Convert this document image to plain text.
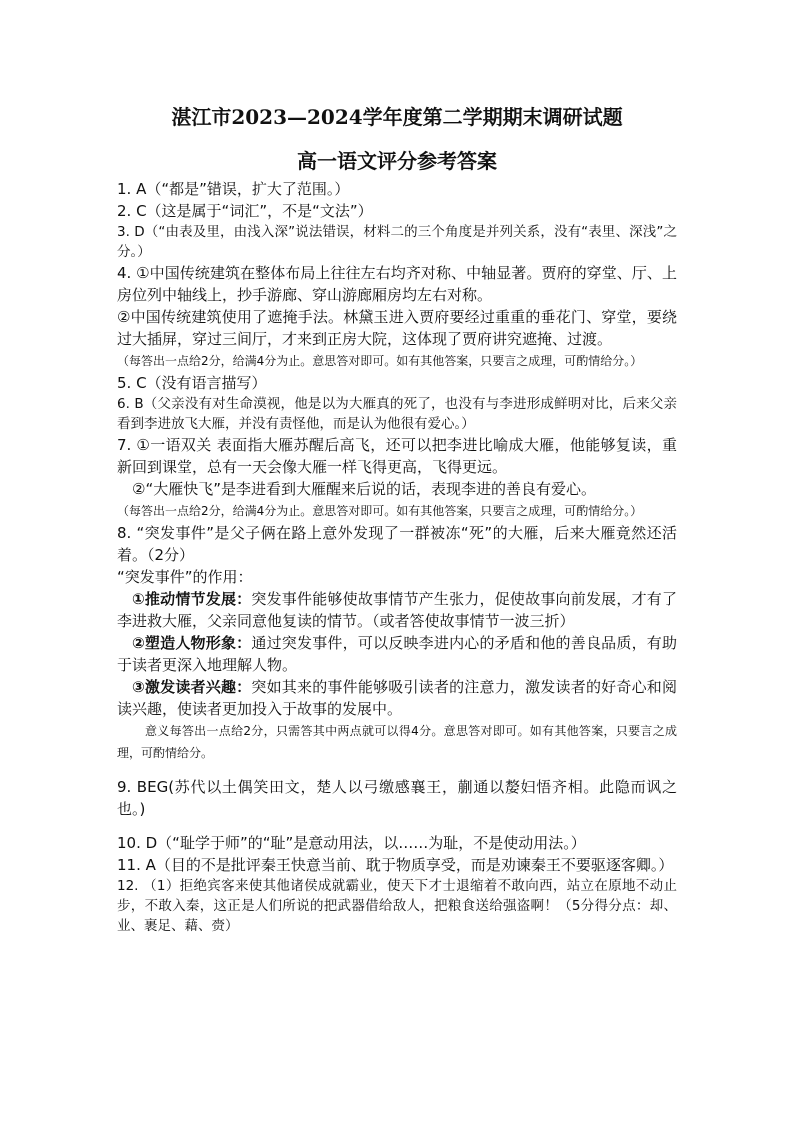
湛江市2023—2024学年度第二学期期末调研试题
高一语文评分参考答案

1. A（“都是”错误，扩大了范围。）

2. C（这是属于“词汇”，不是“文法”）

3. D（“由表及里，由浅入深”说法错误，材料二的三个角度是并列关系，没有“表里、深浅”之分。）

4. ①中国传统建筑在整体布局上往往左右均齐对称、中轴显著。贾府的穿堂、厅、上房位列中轴线上，抄手游廊、穿山游廊厢房均左右对称。

②中国传统建筑使用了遮掩手法。林黛玉进入贾府要经过重重的垂花门、穿堂，要绕过大插屏，穿过三间厅，才来到正房大院，这体现了贾府讲究遮掩、过渡。

（每答出一点给2分，给满4分为止。意思答对即可。如有其他答案，只要言之成理，可酌情给分。）

5. C（没有语言描写）

6. B（父亲没有对生命漠视，他是以为大雁真的死了，也没有与李进形成鲜明对比，后来父亲看到李进放飞大雁，并没有责怪他，而是认为他很有爱心。）

7. ①一语双关 表面指大雁苏醒后高飞，还可以把李进比喻成大雁，他能够复读，重新回到课堂，总有一天会像大雁一样飞得更高，飞得更远。

②“大雁快飞”是李进看到大雁醒来后说的话，表现李进的善良有爱心。

（每答出一点给2分，给满4分为止。意思答对即可。如有其他答案，只要言之成理，可酌情给分。）

8. “突发事件”是父子俩在路上意外发现了一群被冻“死”的大雁，后来大雁竟然还活着。（2分）

“突发事件”的作用：

①推动情节发展：突发事件能够使故事情节产生张力，促使故事向前发展，才有了李进救大雁，父亲同意他复读的情节。（或者答使故事情节一波三折）

②塑造人物形象：通过突发事件，可以反映李进内心的矛盾和他的善良品质，有助于读者更深入地理解人物。

③激发读者兴趣：突如其来的事件能够吸引读者的注意力，激发读者的好奇心和阅读兴趣，使读者更加投入于故事的发展中。

意义每答出一点给2分，只需答其中两点就可以得4分。意思答对即可。如有其他答案，只要言之成理，可酌情给分。

9. BEG(苏代以土偶笑田文，楚人以弓缴感襄王，蒯通以嫠妇悟齐相。此隐而讽之也。)

10. D（“耻学于师”的“耻”是意动用法，以……为耻，不是使动用法。）

11. A（目的不是批评秦王快意当前、耽于物质享受，而是劝谏秦王不要驱逐客卿。）

12. （1）拒绝宾客来使其他诸侯成就霸业，使天下才士退缩着不敢向西，站立在原地不动止步，不敢入秦，这正是人们所说的把武器借给敌人，把粮食送给强盗啊！（5分得分点：却、业、裹足、藉、赍）
